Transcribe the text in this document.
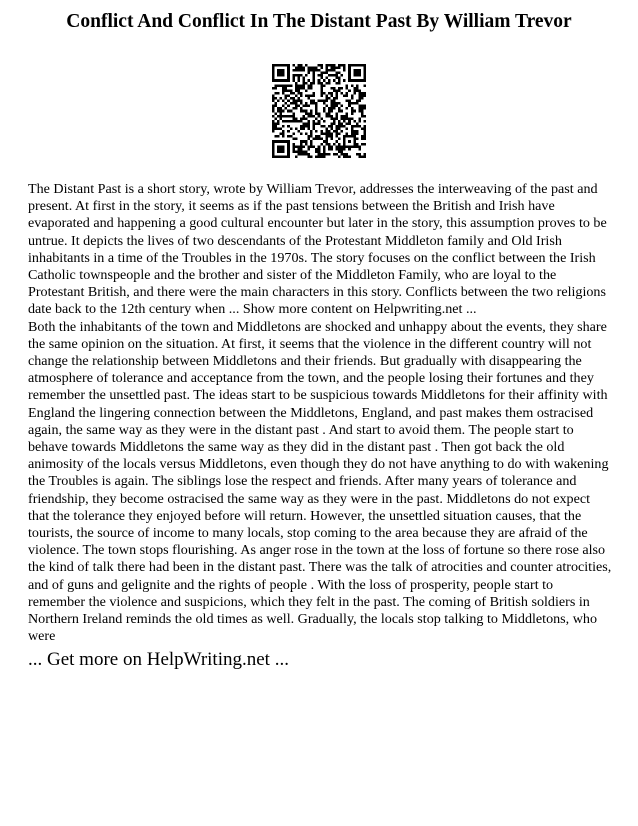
Conflict And Conflict In The Distant Past By William Trevor

The Distant Past is a short story, wrote by William Trevor, addresses the interweaving of the past and present. At first in the story, it seems as if the past tensions between the British and Irish have evaporated and happening a good cultural encounter but later in the story, this assumption proves to be untrue. It depicts the lives of two descendants of the Protestant Middleton family and Old Irish inhabitants in a time of the Troubles in the 1970s. The story focuses on the conflict between the Irish Catholic townspeople and the brother and sister of the Middleton Family, who are loyal to the Protestant British, and there were the main characters in this story. Conflicts between the two religions date back to the 12th century when ... Show more content on Helpwriting.net ...

Both the inhabitants of the town and Middletons are shocked and unhappy about the events, they share the same opinion on the situation. At first, it seems that the violence in the different country will not change the relationship between Middletons and their friends. But gradually with disappearing the atmosphere of tolerance and acceptance from the town, and the people losing their fortunes and they remember the unsettled past. The ideas start to be suspicious towards Middletons for their affinity with England the lingering connection between the Middletons, England, and past makes them ostracised again, the same way as they were in the distant past . And start to avoid them. The people start to behave towards Middletons the same way as they did in the distant past . Then got back the old animosity of the locals versus Middletons, even though they do not have anything to do with wakening the Troubles is again. The siblings lose the respect and friends. After many years of tolerance and friendship, they become ostracised the same way as they were in the past. Middletons do not expect that the tolerance they enjoyed before will return. However, the unsettled situation causes, that the tourists, the source of income to many locals, stop coming to the area because they are afraid of the violence. The town stops flourishing. As anger rose in the town at the loss of fortune so there rose also the kind of talk there had been in the distant past. There was the talk of atrocities and counter atrocities, and of guns and gelignite and the rights of people . With the loss of prosperity, people start to remember the violence and suspicions, which they felt in the past. The coming of British soldiers in Northern Ireland reminds the old times as well. Gradually, the locals stop talking to Middletons, who were

... Get more on HelpWriting.net ...
